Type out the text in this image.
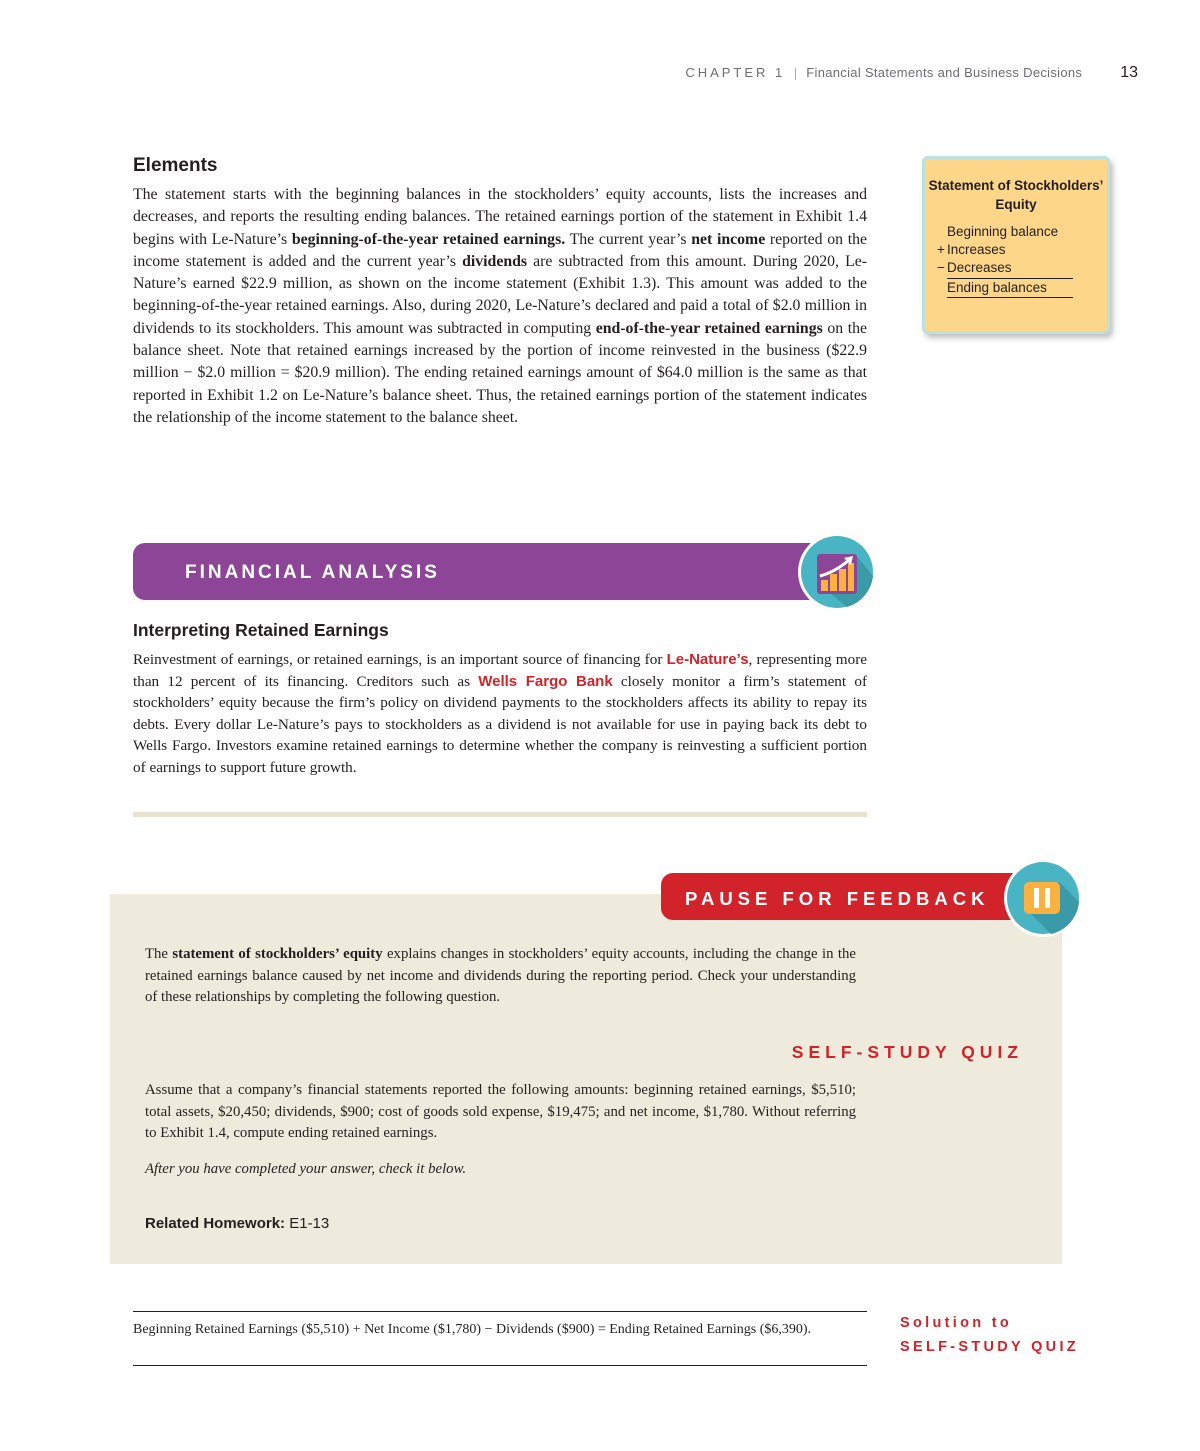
CHAPTER 1 Financial Statements and Business Decisions 13
Elements

The statement starts with the beginning balances in the stockholders’ equity accounts, lists the increases and decreases, and reports the resulting ending balances. The retained earnings portion of the statement in Exhibit 1.4 begins with Le-Nature’s beginning-of-the-year retained earnings. The current year’s net income reported on the income statement is added and the current year’s dividends are subtracted from this amount. During 2020, Le-Nature’s earned $22.9 million, as shown on the income statement (Exhibit 1.3). This amount was added to the beginning-of-the-year retained earnings. Also, during 2020, Le-Nature’s declared and paid a total of $2.0 million in dividends to its stockholders. This amount was subtracted in computing end-of-the-year retained earnings on the balance sheet. Note that retained earnings increased by the portion of income reinvested in the business ($22.9 million − $2.0 million = $20.9 million). The ending retained earnings amount of $64.0 million is the same as that reported in Exhibit 1.2 on Le-Nature’s balance sheet. Thus, the retained earnings portion of the statement indicates the relationship of the income statement to the balance sheet.

Statement of Stockholders’ Equity
Beginning balance
+ Increases
− Decreases
Ending balances
FINANCIAL ANALYSIS
Interpreting Retained Earnings

Reinvestment of earnings, or retained earnings, is an important source of financing for Le-Nature’s, representing more than 12 percent of its financing. Creditors such as Wells Fargo Bank closely monitor a firm’s statement of stockholders’ equity because the firm’s policy on dividend payments to the stockholders affects its ability to repay its debts. Every dollar Le-Nature’s pays to stockholders as a dividend is not available for use in paying back its debt to Wells Fargo. Investors examine retained earnings to determine whether the company is reinvesting a sufficient portion of earnings to support future growth.

PAUSE FOR FEEDBACK

The statement of stockholders’ equity explains changes in stockholders’ equity accounts, including the change in the retained earnings balance caused by net income and dividends during the reporting period. Check your understanding of these relationships by completing the following question.

SELF-STUDY QUIZ

Assume that a company’s financial statements reported the following amounts: beginning retained earnings, $5,510; total assets, $20,450; dividends, $900; cost of goods sold expense, $19,475; and net income, $1,780. Without referring to Exhibit 1.4, compute ending retained earnings.

After you have completed your answer, check it below.

Related Homework: E1-13

Beginning Retained Earnings ($5,510) + Net Income ($1,780) − Dividends ($900) = Ending Retained Earnings ($6,390).	Solution to
SELF-STUDY QUIZ
